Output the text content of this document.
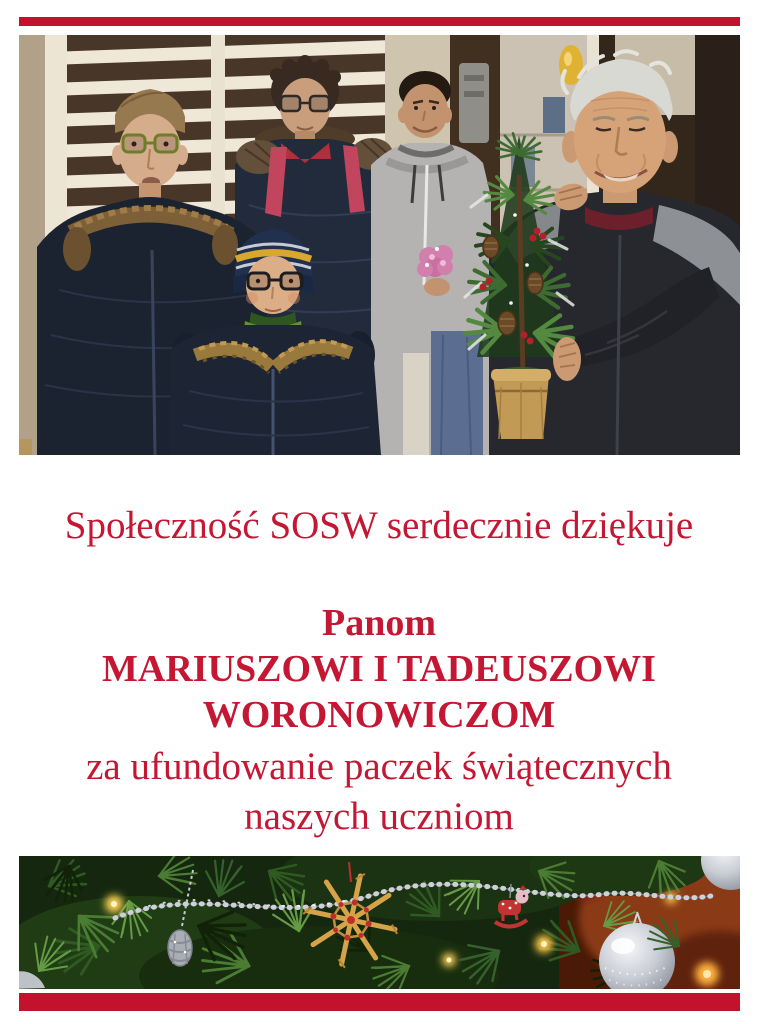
Społeczność SOSW serdecznie dziękuje

Panom

MARIUSZOWI I TADEUSZOWI

WORONOWICZOM

za ufundowanie paczek świątecznych

naszych uczniom
